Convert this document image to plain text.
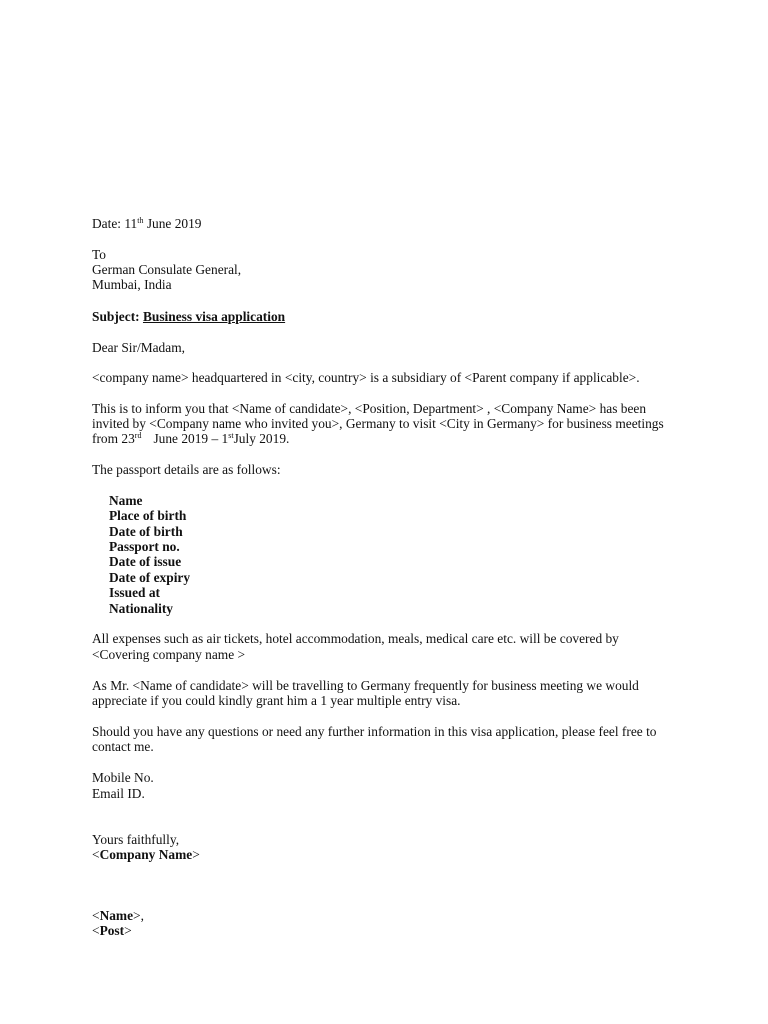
Date: 11th June 2019
To
German Consulate General,
Mumbai, India
Subject: Business visa application
Dear Sir/Madam,
<company name> headquartered in <city, country> is a subsidiary of <Parent company if applicable>.
This is to inform you that <Name of candidate>, <Position, Department> , <Company Name> has been
invited by <Company name who invited you>, Germany to visit <City in Germany> for business meetings
from 23rd June 2019 – 1stJuly 2019.
The passport details are as follows:
Name
Place of birth
Date of birth
Passport no.
Date of issue
Date of expiry
Issued at
Nationality
All expenses such as air tickets, hotel accommodation, meals, medical care etc. will be covered by
<Covering company name >
As Mr. <Name of candidate> will be travelling to Germany frequently for business meeting we would
appreciate if you could kindly grant him a 1 year multiple entry visa.
Should you have any questions or need any further information in this visa application, please feel free to
contact me.
Mobile No.
Email ID.
Yours faithfully,
<Company Name>
<Name>,
<Post>
